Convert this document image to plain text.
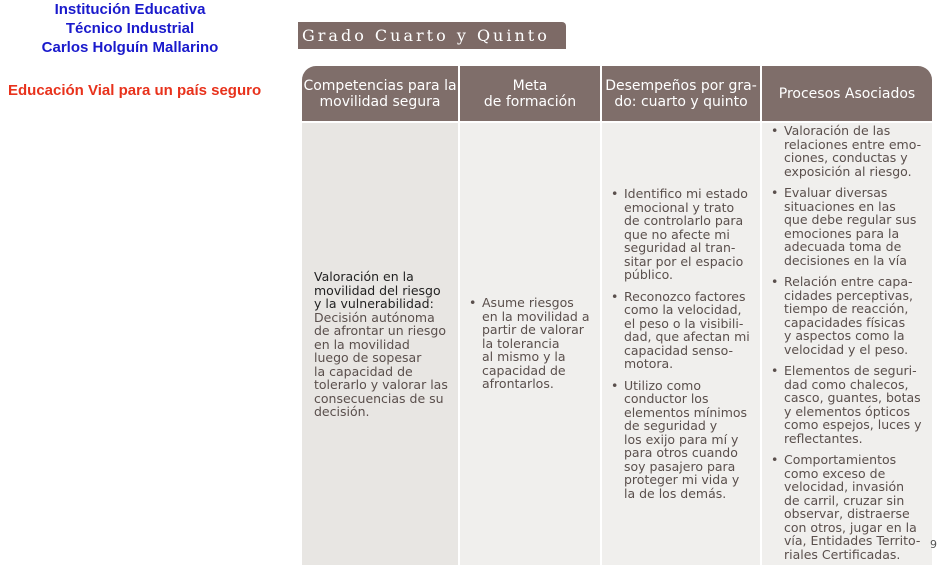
Institución Educativa
Técnico Industrial
Carlos Holguín Mallarino
Educación Vial para un país seguro
Grado Cuarto y Quinto
Competencias para la
movilidad segura
Meta
de formación
Desempeños por gra-
do: cuarto y quinto	Procesos Asociados
Valoración en la
movilidad del riesgo
y la vulnerabilidad:
Decisión autónoma
de afrontar un riesgo
en la movilidad
luego de sopesar
la capacidad de
tolerarlo y valorar las
consecuencias de su
decisión.
• Asume riesgos
en la movilidad a
partir de valorar
la tolerancia
al mismo y la
capacidad de
afrontarlos.
• Identifico mi estado
emocional y trato
de controlarlo para
que no afecte mi
seguridad al tran-
sitar por el espacio
público.
• Reconozco factores
como la velocidad,
el peso o la visibili-
dad, que afectan mi
capacidad senso-
motora.
• Utilizo como
conductor los
elementos mínimos
de seguridad y
los exijo para mí y
para otros cuando
soy pasajero para
proteger mi vida y
la de los demás.
• Valoración de las
relaciones entre emo-
ciones, conductas y
exposición al riesgo.
• Evaluar diversas
situaciones en las
que debe regular sus
emociones para la
adecuada toma de
decisiones en la vía
• Relación entre capa-
cidades perceptivas,
tiempo de reacción,
capacidades físicas
y aspectos como la
velocidad y el peso.
• Elementos de seguri-
dad como chalecos,
casco, guantes, botas
y elementos ópticos
como espejos, luces y
reflectantes.
• Comportamientos
como exceso de
velocidad, invasión
de carril, cruzar sin
observar, distraerse
con otros, jugar en la
vía, Entidades Territo-
riales Certificadas.
9
